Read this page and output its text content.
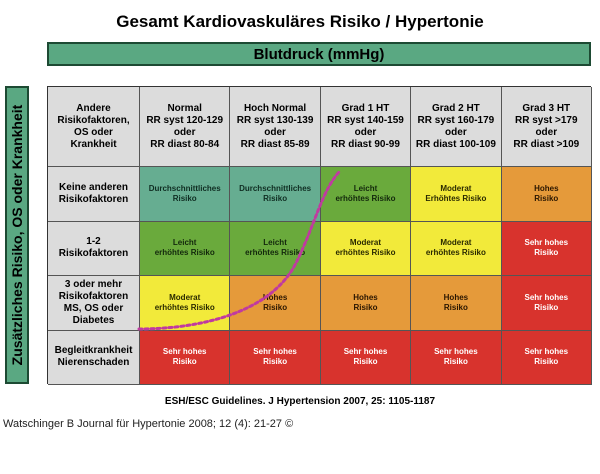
Gesamt Kardiovaskuläres Risiko / Hypertonie
Blutdruck (mmHg)
Zusätzliches Risiko, OS oder Krankheit	Andere
Risikofaktoren,
OS oder
Krankheit
Normal
RR syst 120-129
oder
RR diast 80-84
Hoch Normal
RR syst 130-139
oder
RR diast 85-89
Grad 1 HT
RR syst 140-159
oder
RR diast 90-99
Grad 2 HT
RR syst 160-179
oder
RR diast 100-109
Grad 3 HT
RR syst >179
oder
RR diast >109
Keine anderen
Risikofaktoren
Durchschnittliches
Risiko
Durchschnittliches
Risiko
Leicht
erhöhtes Risiko
Moderat
Erhöhtes Risiko
Hohes
Risiko
1-2
Risikofaktoren
Leicht
erhöhtes Risiko
Leicht
erhöhtes Risiko
Moderat
erhöhtes Risiko
Moderat
erhöhtes Risiko
Sehr hohes
Risiko
3 oder mehr
Risikofaktoren
MS, OS oder
Diabetes
Moderat
erhöhtes Risiko
Hohes
Risiko
Hohes
Risiko
Hohes
Risiko
Sehr hohes
Risiko
Begleitkrankheit
Nierenschaden
Sehr hohes
Risiko
Sehr hohes
Risiko
Sehr hohes
Risiko
Sehr hohes
Risiko
Sehr hohes
Risiko
ESH/ESC Guidelines. J Hypertension 2007, 25: 1105-1187
Watschinger B Journal für Hypertonie 2008; 12 (4): 21-27 ©
